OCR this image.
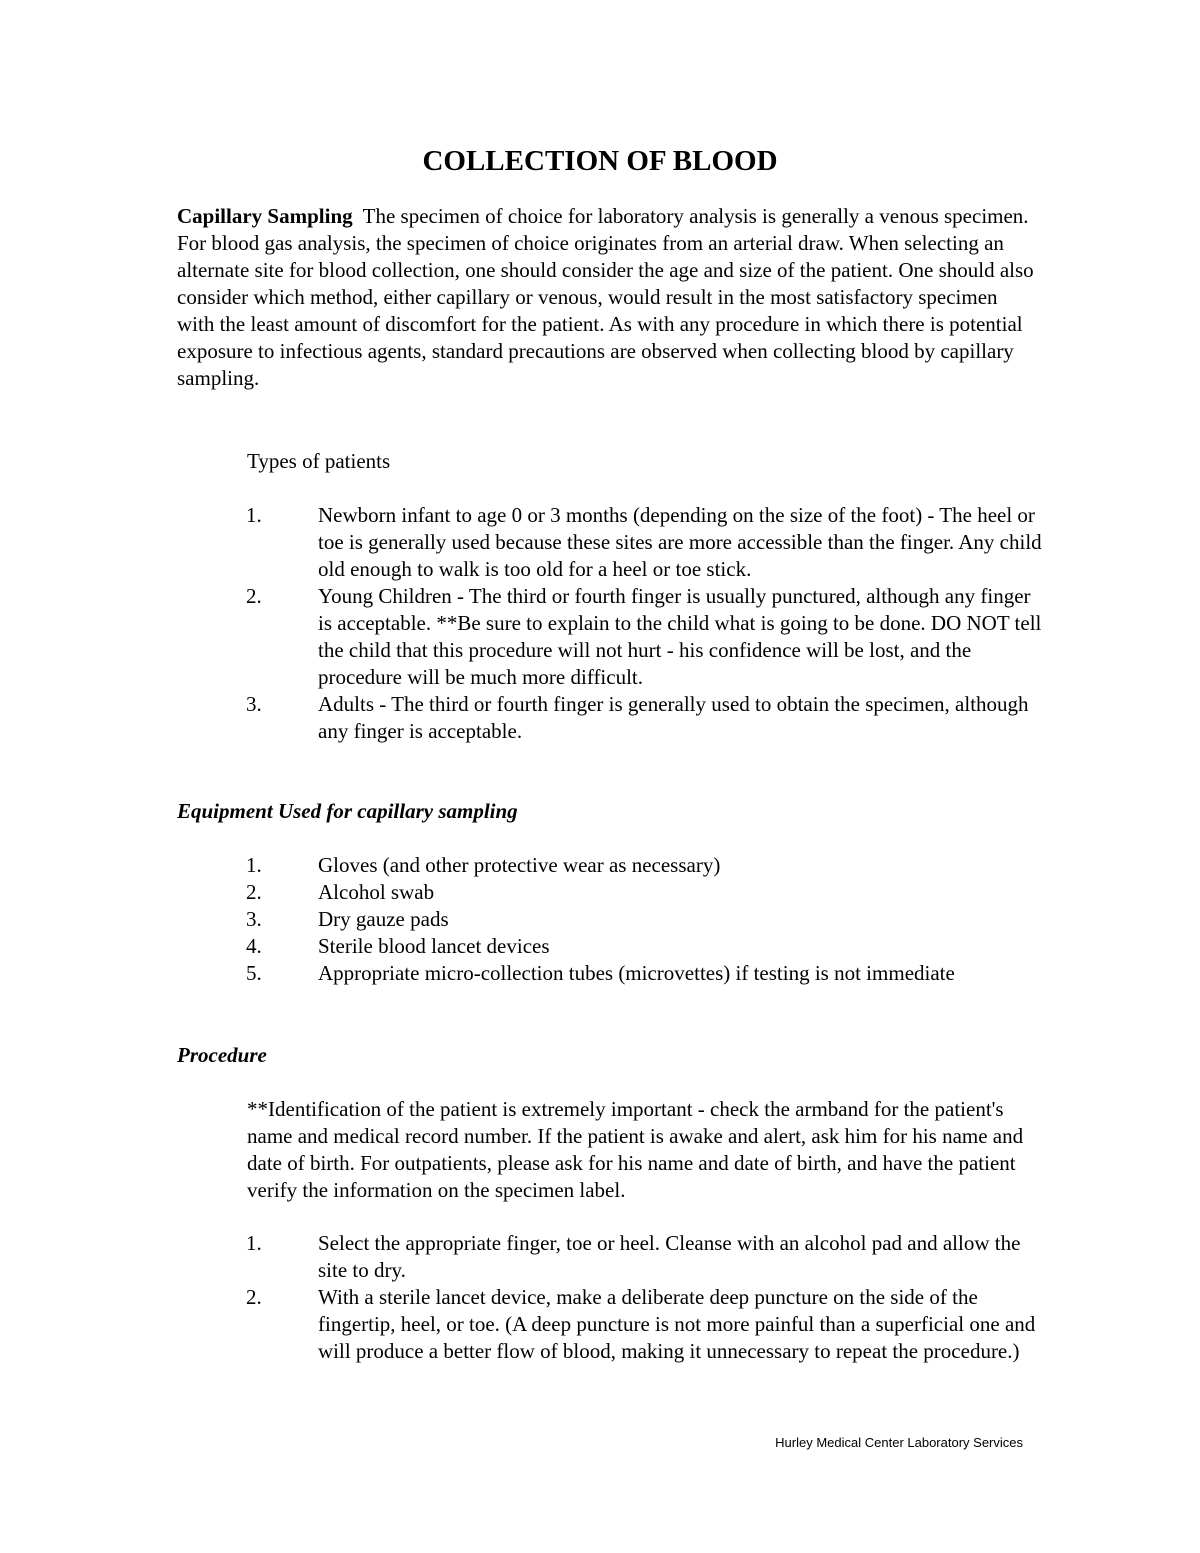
COLLECTION OF BLOOD
Capillary Sampling The specimen of choice for laboratory analysis is generally a venous specimen. For blood gas analysis, the specimen of choice originates from an arterial draw. When selecting an alternate site for blood collection, one should consider the age and size of the patient. One should also consider which method, either capillary or venous, would result in the most satisfactory specimen with the least amount of discomfort for the patient. As with any procedure in which there is potential exposure to infectious agents, standard precautions are observed when collecting blood by capillary sampling.
Types of patients
1.	Newborn infant to age 0 or 3 months (depending on the size of the foot) - The heel or toe is generally used because these sites are more accessible than the finger. Any child old enough to walk is too old for a heel or toe stick.
2.	Young Children - The third or fourth finger is usually punctured, although any finger is acceptable. **Be sure to explain to the child what is going to be done. DO NOT tell the child that this procedure will not hurt - his confidence will be lost, and the procedure will be much more difficult.
3.	Adults - The third or fourth finger is generally used to obtain the specimen, although any finger is acceptable.
Equipment Used for capillary sampling
1.	Gloves (and other protective wear as necessary)
2.	Alcohol swab
3.	Dry gauze pads
4.	Sterile blood lancet devices
5.	Appropriate micro-collection tubes (microvettes) if testing is not immediate
Procedure
**Identification of the patient is extremely important - check the armband for the patient's name and medical record number. If the patient is awake and alert, ask him for his name and date of birth. For outpatients, please ask for his name and date of birth, and have the patient verify the information on the specimen label.
1.	Select the appropriate finger, toe or heel. Cleanse with an alcohol pad and allow the site to dry.
2.	With a sterile lancet device, make a deliberate deep puncture on the side of the fingertip, heel, or toe. (A deep puncture is not more painful than a superficial one and will produce a better flow of blood, making it unnecessary to repeat the procedure.)
Hurley Medical Center Laboratory Services
